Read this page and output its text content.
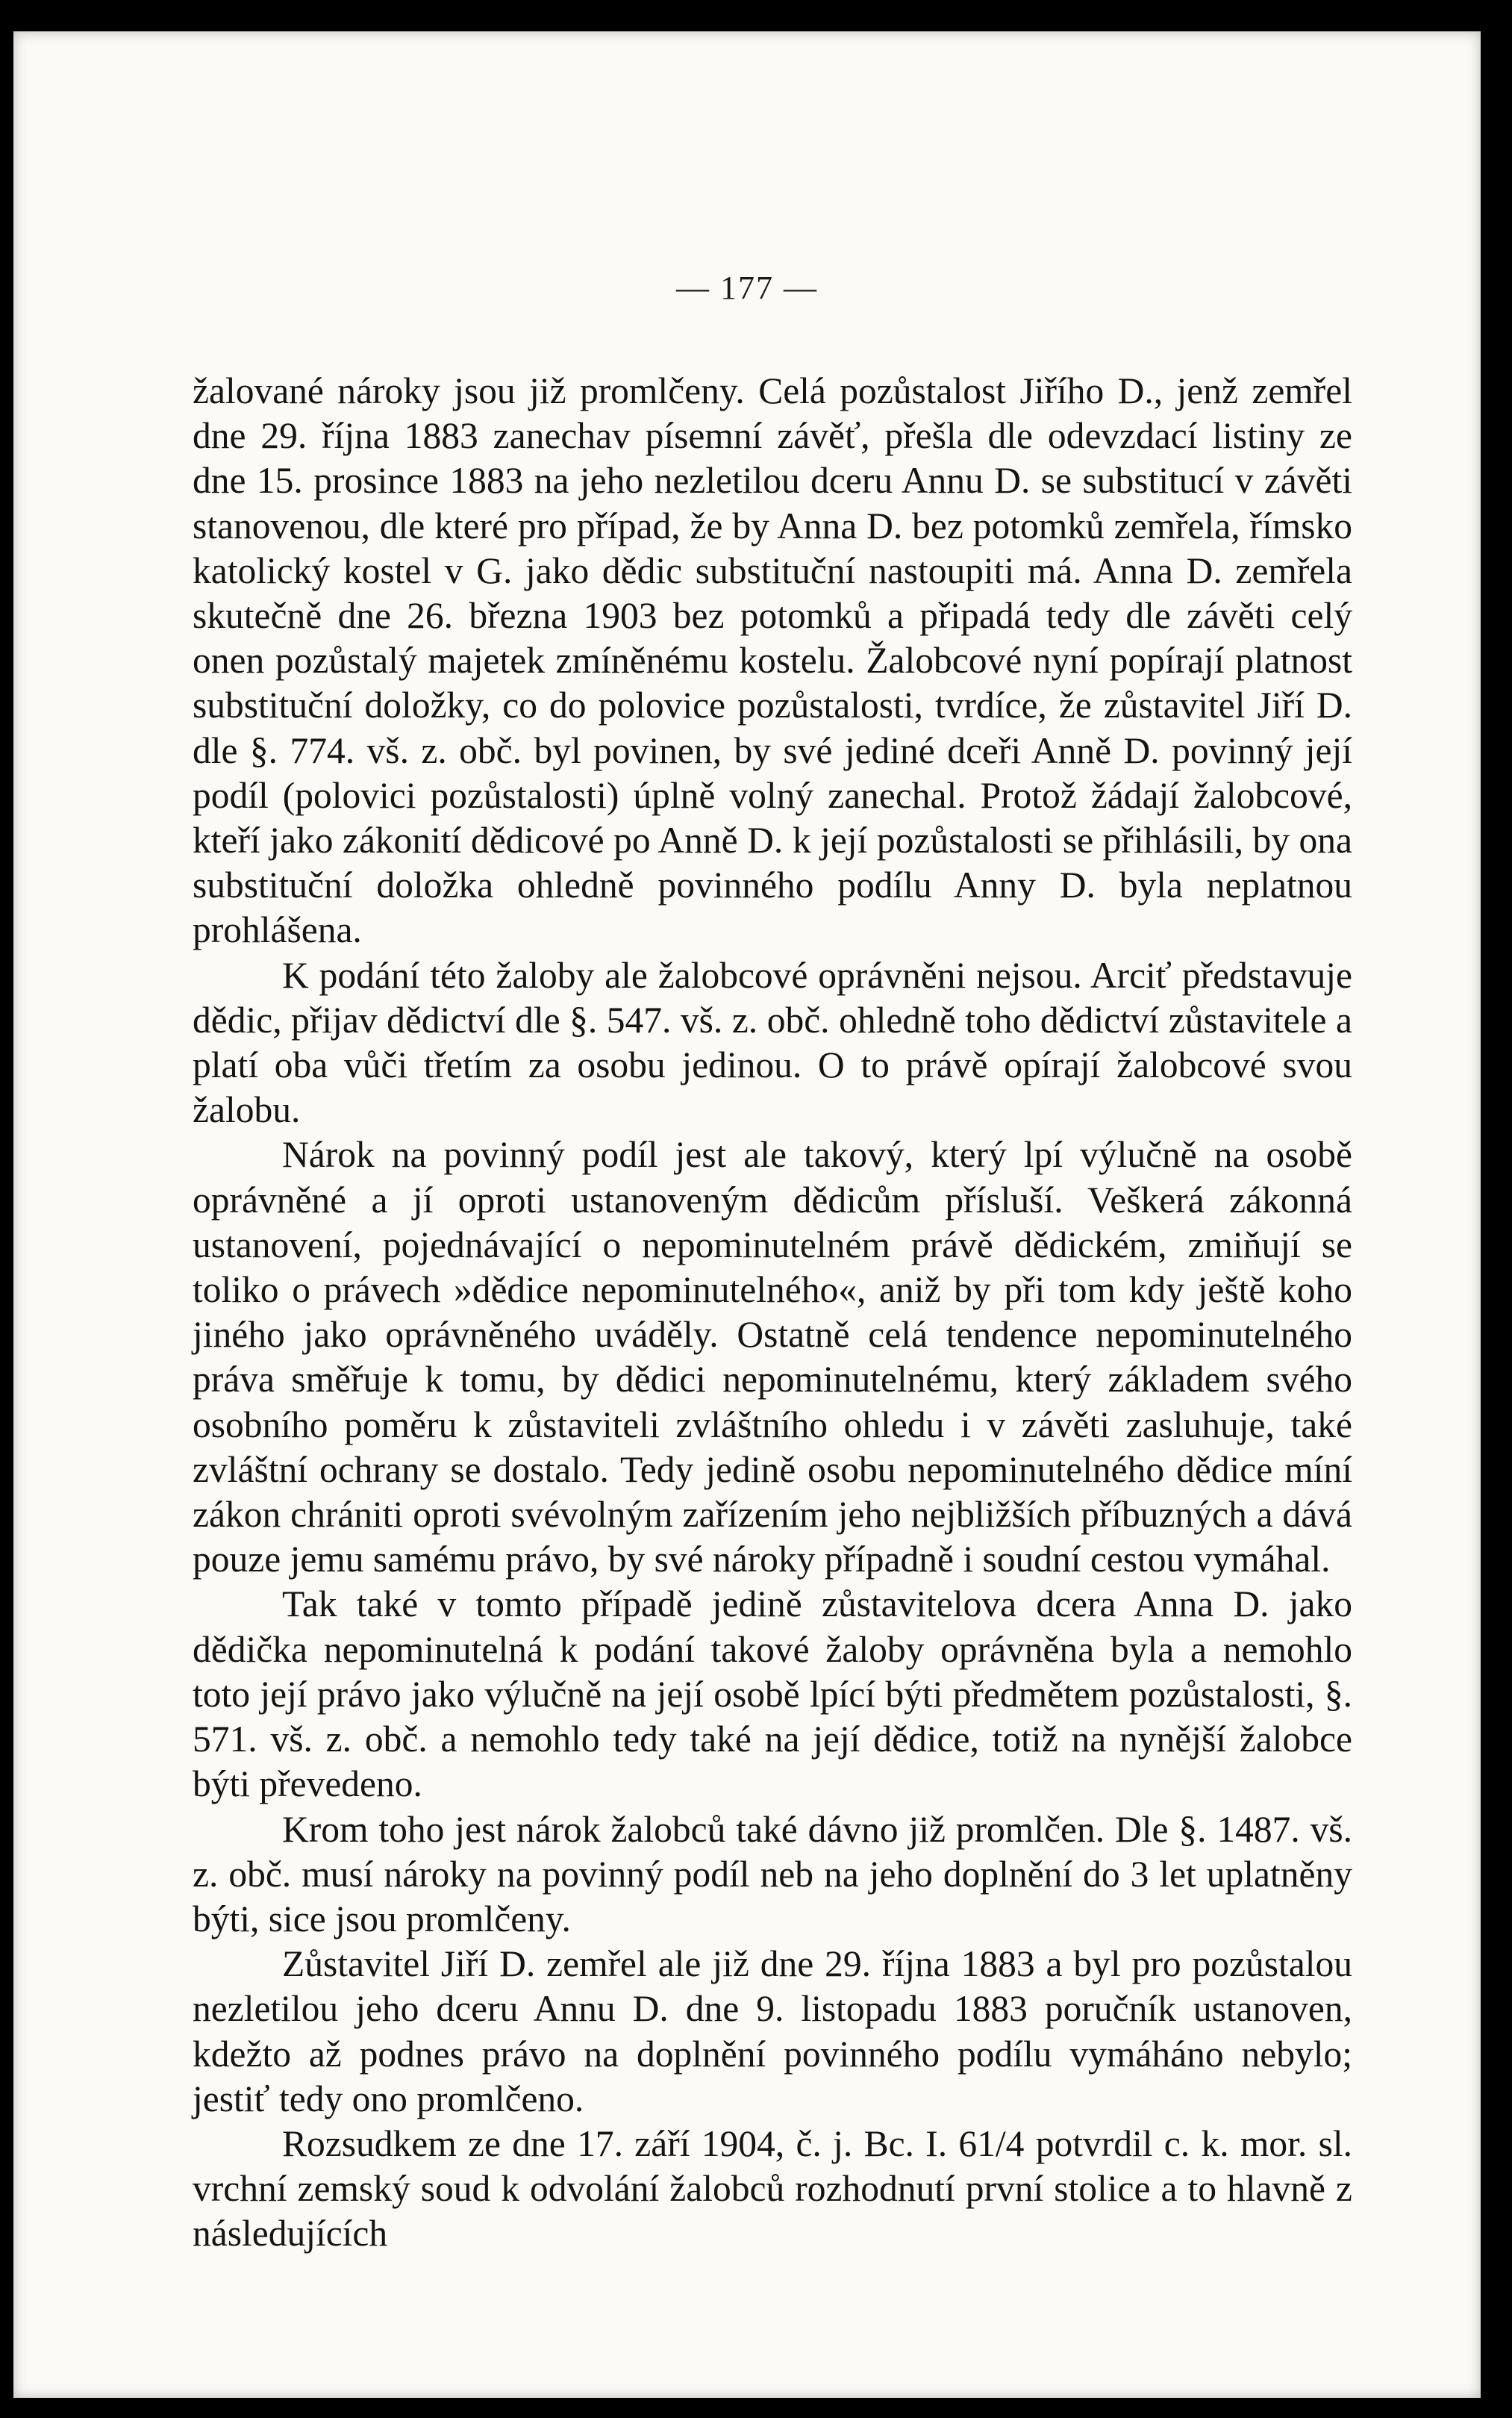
— 177 —

žalované nároky jsou již promlčeny. Celá pozůstalost Jiřího D., jenž zemřel dne 29. října 1883 zanechav písemní závěť, přešla dle odevzdací listiny ze dne 15. prosince 1883 na jeho nezletilou dceru Annu D. se substitucí v závěti stanovenou, dle které pro případ, že by Anna D. bez potomků zemřela, římsko katolický kostel v G. jako dědic substituční nastoupiti má. Anna D. zemřela skutečně dne 26. března 1903 bez potomků a připadá tedy dle závěti celý onen pozůstalý majetek zmíněnému kostelu. Žalobcové nyní popírají platnost substituční doložky, co do polovice pozůstalosti, tvrdíce, že zůstavitel Jiří D. dle §. 774. vš. z. obč. byl povinen, by své jediné dceři Anně D. povinný její podíl (polovici pozůstalosti) úplně volný zanechal. Protož žádají žalobcové, kteří jako zákonití dědicové po Anně D. k její pozůstalosti se přihlásili, by ona substituční doložka ohledně povinného podílu Anny D. byla neplatnou prohlášena.

K podání této žaloby ale žalobcové oprávněni nejsou. Arciť představuje dědic, přijav dědictví dle §. 547. vš. z. obč. ohledně toho dědictví zůstavitele a platí oba vůči třetím za osobu jedinou. O to právě opírají žalobcové svou žalobu.

Nárok na povinný podíl jest ale takový, který lpí výlučně na osobě oprávněné a jí oproti ustanoveným dědicům přísluší. Veškerá zákonná ustanovení, pojednávající o nepominutelném právě dědickém, zmiňují se toliko o právech »dědice nepominutelného«, aniž by při tom kdy ještě koho jiného jako oprávněného uváděly. Ostatně celá tendence nepominutelného práva směřuje k tomu, by dědici nepominutelnému, který základem svého osobního poměru k zůstaviteli zvláštního ohledu i v závěti zasluhuje, také zvláštní ochrany se dostalo. Tedy jedině osobu nepominutelného dědice míní zákon chrániti oproti svévolným zařízením jeho nejbližších příbuzných a dává pouze jemu samému právo, by své nároky případně i soudní cestou vymáhal.

Tak také v tomto případě jedině zůstavitelova dcera Anna D. jako dědička nepominutelná k podání takové žaloby oprávněna byla a nemohlo toto její právo jako výlučně na její osobě lpící býti předmětem pozůstalosti, §. 571. vš. z. obč. a nemohlo tedy také na její dědice, totiž na nynější žalobce býti převedeno.

Krom toho jest nárok žalobců také dávno již promlčen. Dle §. 1487. vš. z. obč. musí nároky na povinný podíl neb na jeho doplnění do 3 let uplatněny býti, sice jsou promlčeny.

Zůstavitel Jiří D. zemřel ale již dne 29. října 1883 a byl pro pozůstalou nezletilou jeho dceru Annu D. dne 9. listopadu 1883 poručník ustanoven, kdežto až podnes právo na doplnění povinného podílu vymáháno nebylo; jestiť tedy ono promlčeno.

Rozsudkem ze dne 17. září 1904, č. j. Bc. I. 61/4 potvrdil c. k. mor. sl. vrchní zemský soud k odvolání žalobců rozhodnutí první stolice a to hlavně z následujících
